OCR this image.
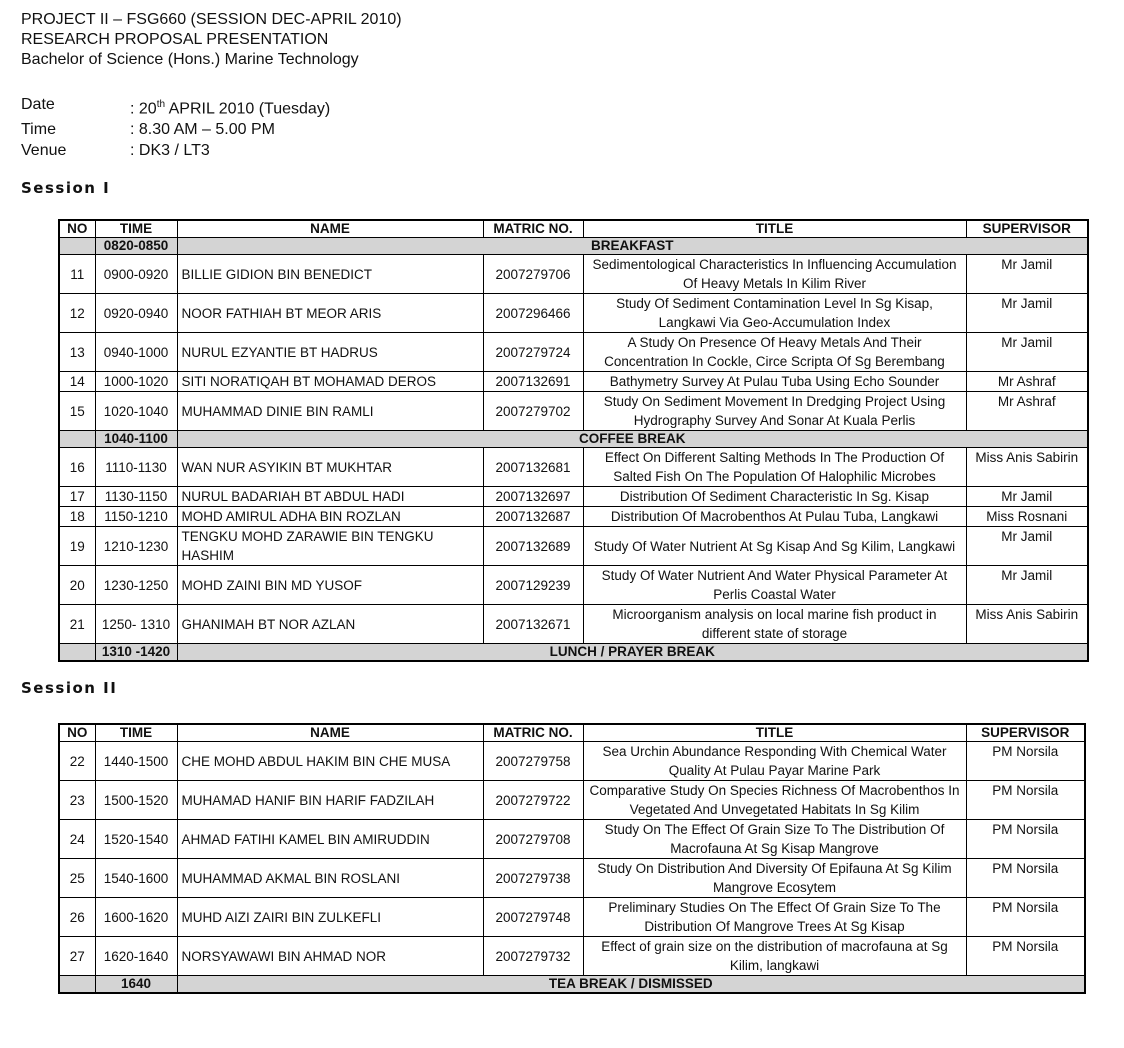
PROJECT II – FSG660 (SESSION DEC-APRIL 2010)
RESEARCH PROPOSAL PRESENTATION
Bachelor of Science (Hons.) Marine Technology
Date	: 20th APRIL 2010 (Tuesday)
Time	: 8.30 AM – 5.00 PM
Venue	: DK3 / LT3
Session I
NO	TIME	NAME	MATRIC NO.	TITLE	SUPERVISOR
	0820-0850	BREAKFAST			
11	0900-0920	BILLIE GIDION BIN BENEDICT	2007279706	Sedimentological Characteristics In Influencing Accumulation Of Heavy Metals In Kilim River	Mr Jamil
12	0920-0940	NOOR FATHIAH BT MEOR ARIS	2007296466	Study Of Sediment Contamination Level In Sg Kisap, Langkawi Via Geo-Accumulation Index	Mr Jamil
13	0940-1000	NURUL EZYANTIE BT HADRUS	2007279724	A Study On Presence Of Heavy Metals And Their Concentration In Cockle, Circe Scripta Of Sg Berembang	Mr Jamil
14	1000-1020	SITI NORATIQAH BT MOHAMAD DEROS	2007132691	Bathymetry Survey At Pulau Tuba Using Echo Sounder	Mr Ashraf
15	1020-1040	MUHAMMAD DINIE BIN RAMLI	2007279702	Study On Sediment Movement In Dredging Project Using Hydrography Survey And Sonar At Kuala Perlis	Mr Ashraf
	1040-1100	COFFEE BREAK			
16	1110-1130	WAN NUR ASYIKIN BT MUKHTAR	2007132681	Effect On Different Salting Methods In The Production Of Salted Fish On The Population Of Halophilic Microbes	Miss Anis Sabirin
17	1130-1150	NURUL BADARIAH BT ABDUL HADI	2007132697	Distribution Of Sediment Characteristic In Sg. Kisap	Mr Jamil
18	1150-1210	MOHD AMIRUL ADHA BIN ROZLAN	2007132687	Distribution Of Macrobenthos At Pulau Tuba, Langkawi	Miss Rosnani
19	1210-1230	TENGKU MOHD ZARAWIE BIN TENGKU HASHIM	2007132689	Study Of Water Nutrient At Sg Kisap And Sg Kilim, Langkawi	Mr Jamil
20	1230-1250	MOHD ZAINI BIN MD YUSOF	2007129239	Study Of Water Nutrient And Water Physical Parameter At Perlis Coastal Water	Mr Jamil
21	1250- 1310	GHANIMAH BT NOR AZLAN	2007132671	Microorganism analysis on local marine fish product in different state of storage	Miss Anis Sabirin
	1310 -1420	LUNCH / PRAYER BREAK			
Session II
NO	TIME	NAME	MATRIC NO.	TITLE	SUPERVISOR
22	1440-1500	CHE MOHD ABDUL HAKIM BIN CHE MUSA	2007279758	Sea Urchin Abundance Responding With Chemical Water Quality At Pulau Payar Marine Park	PM Norsila
23	1500-1520	MUHAMAD HANIF BIN HARIF FADZILAH	2007279722	Comparative Study On Species Richness Of Macrobenthos In Vegetated And Unvegetated Habitats In Sg Kilim	PM Norsila
24	1520-1540	AHMAD FATIHI KAMEL BIN AMIRUDDIN	2007279708	Study On The Effect Of Grain Size To The Distribution Of Macrofauna At Sg Kisap Mangrove	PM Norsila
25	1540-1600	MUHAMMAD AKMAL BIN ROSLANI	2007279738	Study On Distribution And Diversity Of Epifauna At Sg Kilim Mangrove Ecosytem	PM Norsila
26	1600-1620	MUHD AIZI ZAIRI BIN ZULKEFLI	2007279748	Preliminary Studies On The Effect Of Grain Size To The Distribution Of Mangrove Trees At Sg Kisap	PM Norsila
27	1620-1640	NORSYAWAWI BIN AHMAD NOR	2007279732	Effect of grain size on the distribution of macrofauna at Sg Kilim, langkawi	PM Norsila
	1640	TEA BREAK / DISMISSED			
